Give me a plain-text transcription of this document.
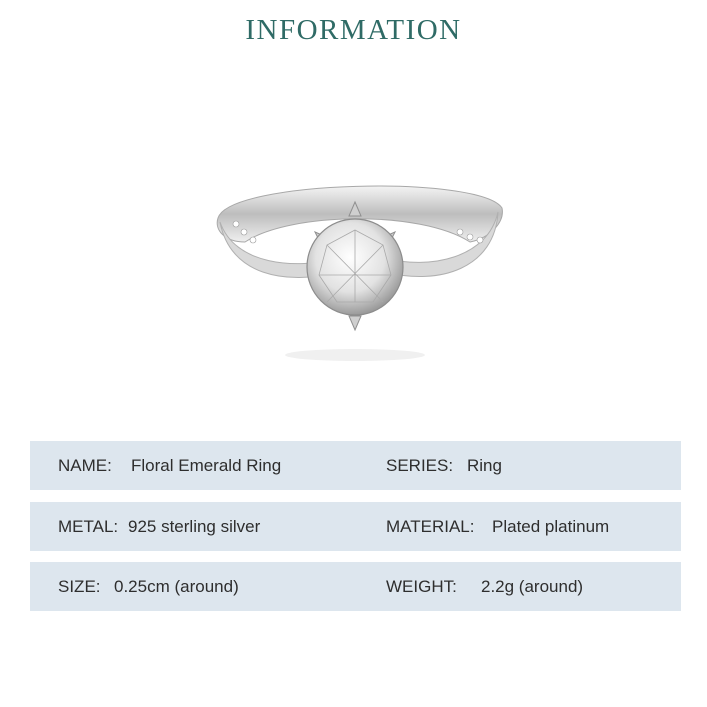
INFORMATION
NAME: Floral Emerald Ring	SERIES: Ring
METAL: 925 sterling silver	MATERIAL: Plated platinum
SIZE: 0.25cm (around)	WEIGHT: 2.2g (around)
